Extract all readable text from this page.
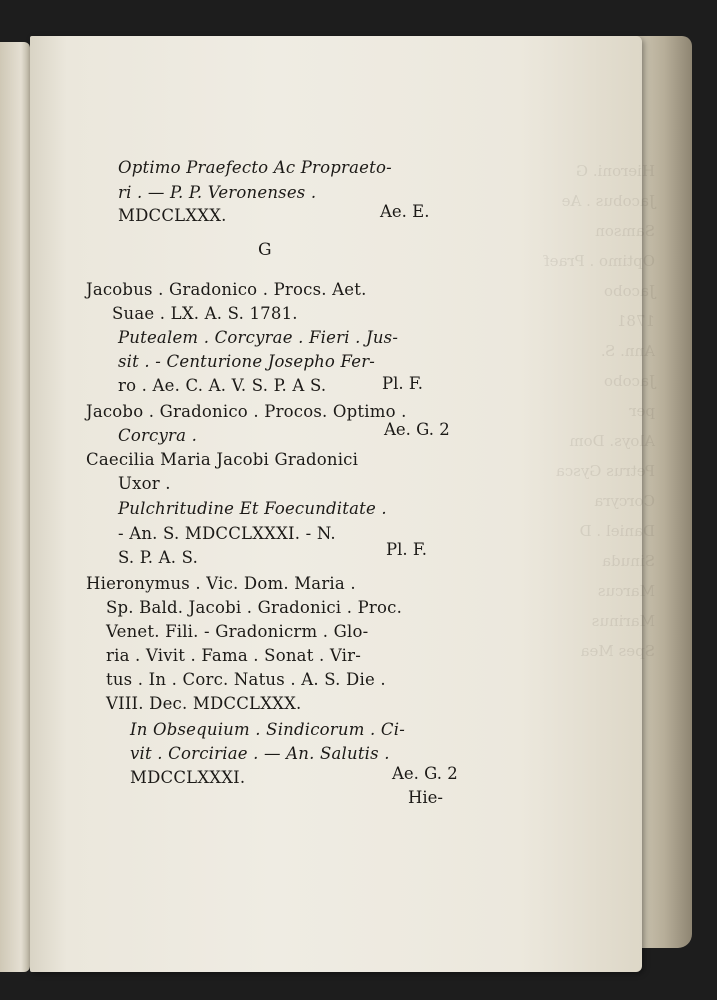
Hieroni. G
Jacobus . Ae
Samson
Optimo . Praef
Jacobo
1781
Ann. S.
Jacobo

Aloys. Dom
Petrus Gysca
Corcyra
Daniel . D
Sinuda
Marcus
Marinus
Spes Mea
Optimo Praefecto Ac Propraeto-
ri . — P. P. Veronenses .
MDCCLXXX.
G
Jacobus . Gradonico . Procs. Aet.
Suae . LX. A. S. 1781.
Putealem . Corcyrae . Fieri . Jus-
sit . - Centurione Josepho Fer-
ro . Ae. C. A. V. S. P. A S.
Jacobo . Gradonico . Procos. Optimo .
Corcyra .
Caecilia Maria Jacobi Gradonici
Uxor .
Pulchritudine Et Foecunditate .
- An. S. MDCCLXXXI. - N.
S. P. A. S.
Hieronymus . Vic. Dom. Maria .
Sp. Bald. Jacobi . Gradonici . Proc.
Venet. Fili. - Gradonicrm . Glo-
ria . Vivit . Fama . Sonat . Vir-
tus . In . Corc. Natus . A. S. Die .
VIII. Dec. MDCCLXXX.
In Obsequium . Sindicorum . Ci-
vit . Corciriae . — An. Salutis .
MDCCLXXXI.
Ae. E.
Pl. F.
Ae. G. 2
Pl. F.
Ae. G. 2
Hie-
